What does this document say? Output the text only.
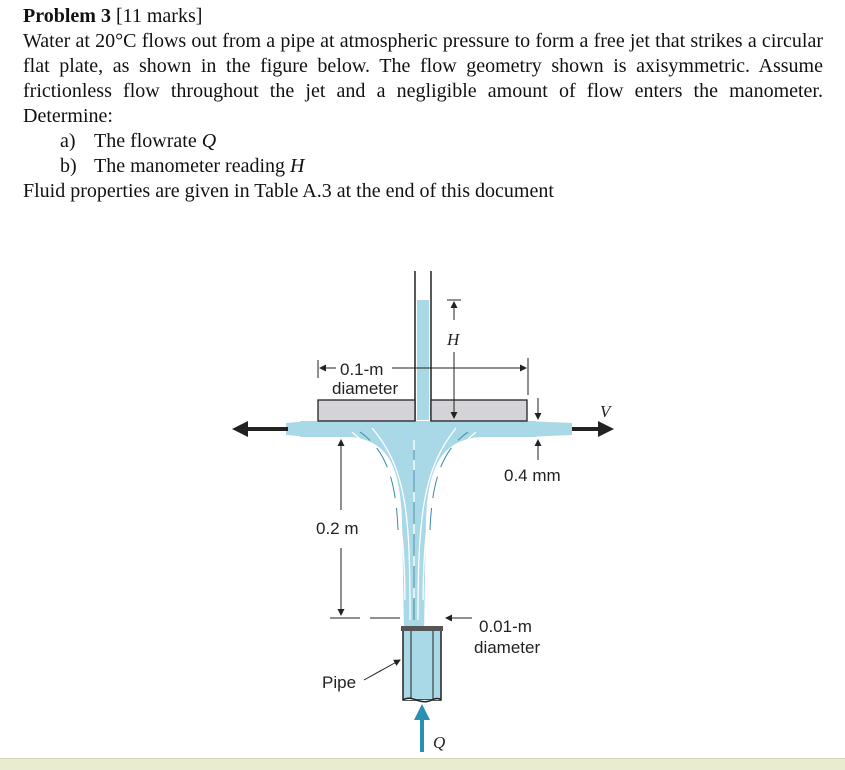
Problem 3 [11 marks]

Water at 20°C flows out from a pipe at atmospheric pressure to form a free jet that strikes a circular flat plate, as shown in the figure below. The flow geometry shown is axisymmetric. Assume frictionless flow throughout the jet and a negligible amount of flow enters the manometer. Determine:

a) The flowrate Q
b) The manometer reading H
Fluid properties are given in Table A.3 at the end of this document
0.1-m
diameter
H
V
0.4 mm
0.2 m
0.01-m
diameter
Pipe
Q
